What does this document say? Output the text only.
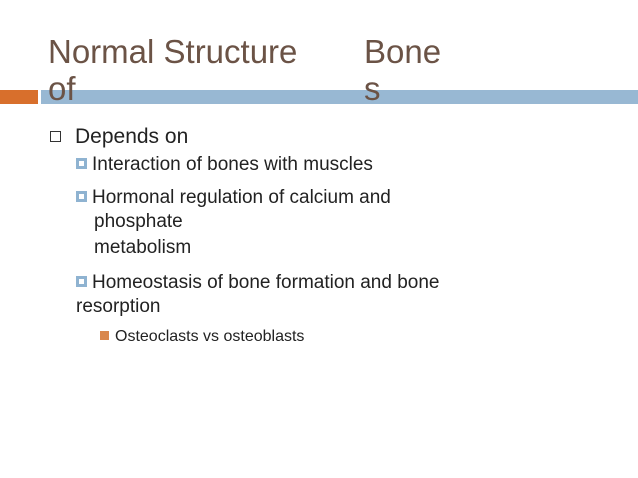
Normal Structure Bone
of	s
Depends on
Interaction of bones with muscles
Hormonal regulation of calcium and
phosphate
metabolism
Homeostasis of bone formation and bone
resorption
Osteoclasts vs osteoblasts
